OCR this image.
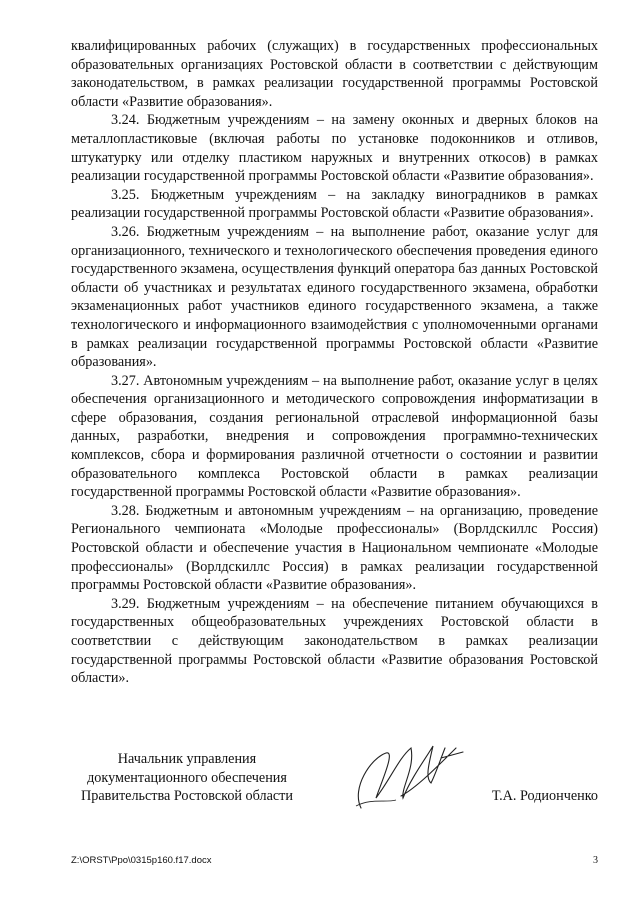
квалифицированных рабочих (служащих) в государственных профессиональных образовательных организациях Ростовской области в соответствии с действующим законодательством, в рамках реализации государственной программы Ростовской области «Развитие образования».

3.24. Бюджетным учреждениям – на замену оконных и дверных блоков на металлопластиковые (включая работы по установке подоконников и отливов, штукатурку или отделку пластиком наружных и внутренних откосов) в рамках реализации государственной программы Ростовской области «Развитие образования».

3.25. Бюджетным учреждениям – на закладку виноградников в рамках реализации государственной программы Ростовской области «Развитие образования».

3.26. Бюджетным учреждениям – на выполнение работ, оказание услуг для организационного, технического и технологического обеспечения проведения единого государственного экзамена, осуществления функций оператора баз данных Ростовской области об участниках и результатах единого государственного экзамена, обработки экзаменационных работ участников единого государственного экзамена, а также технологического и информационного взаимодействия с уполномоченными органами в рамках реализации государственной программы Ростовской области «Развитие образования».

3.27. Автономным учреждениям – на выполнение работ, оказание услуг в целях обеспечения организационного и методического сопровождения информатизации в сфере образования, создания региональной отраслевой информационной базы данных, разработки, внедрения и сопровождения программно-технических комплексов, сбора и формирования различной отчетности о состоянии и развитии образовательного комплекса Ростовской области в рамках реализации государственной программы Ростовской области «Развитие образования».

3.28. Бюджетным и автономным учреждениям – на организацию, проведение Регионального чемпионата «Молодые профессионалы» (Ворлдскиллс Россия) Ростовской области и обеспечение участия в Национальном чемпионате «Молодые профессионалы» (Ворлдскиллс Россия) в рамках реализации государственной программы Ростовской области «Развитие образования».

3.29. Бюджетным учреждениям – на обеспечение питанием обучающихся в государственных общеобразовательных учреждениях Ростовской области в соответствии с действующим законодательством в рамках реализации государственной программы Ростовской области «Развитие образования Ростовской области».

Начальник управления
документационного обеспечения
Правительства Ростовской области	Т.А. Родионченко
Z:\ORST\Ppo\0315p160.f17.docx	3
